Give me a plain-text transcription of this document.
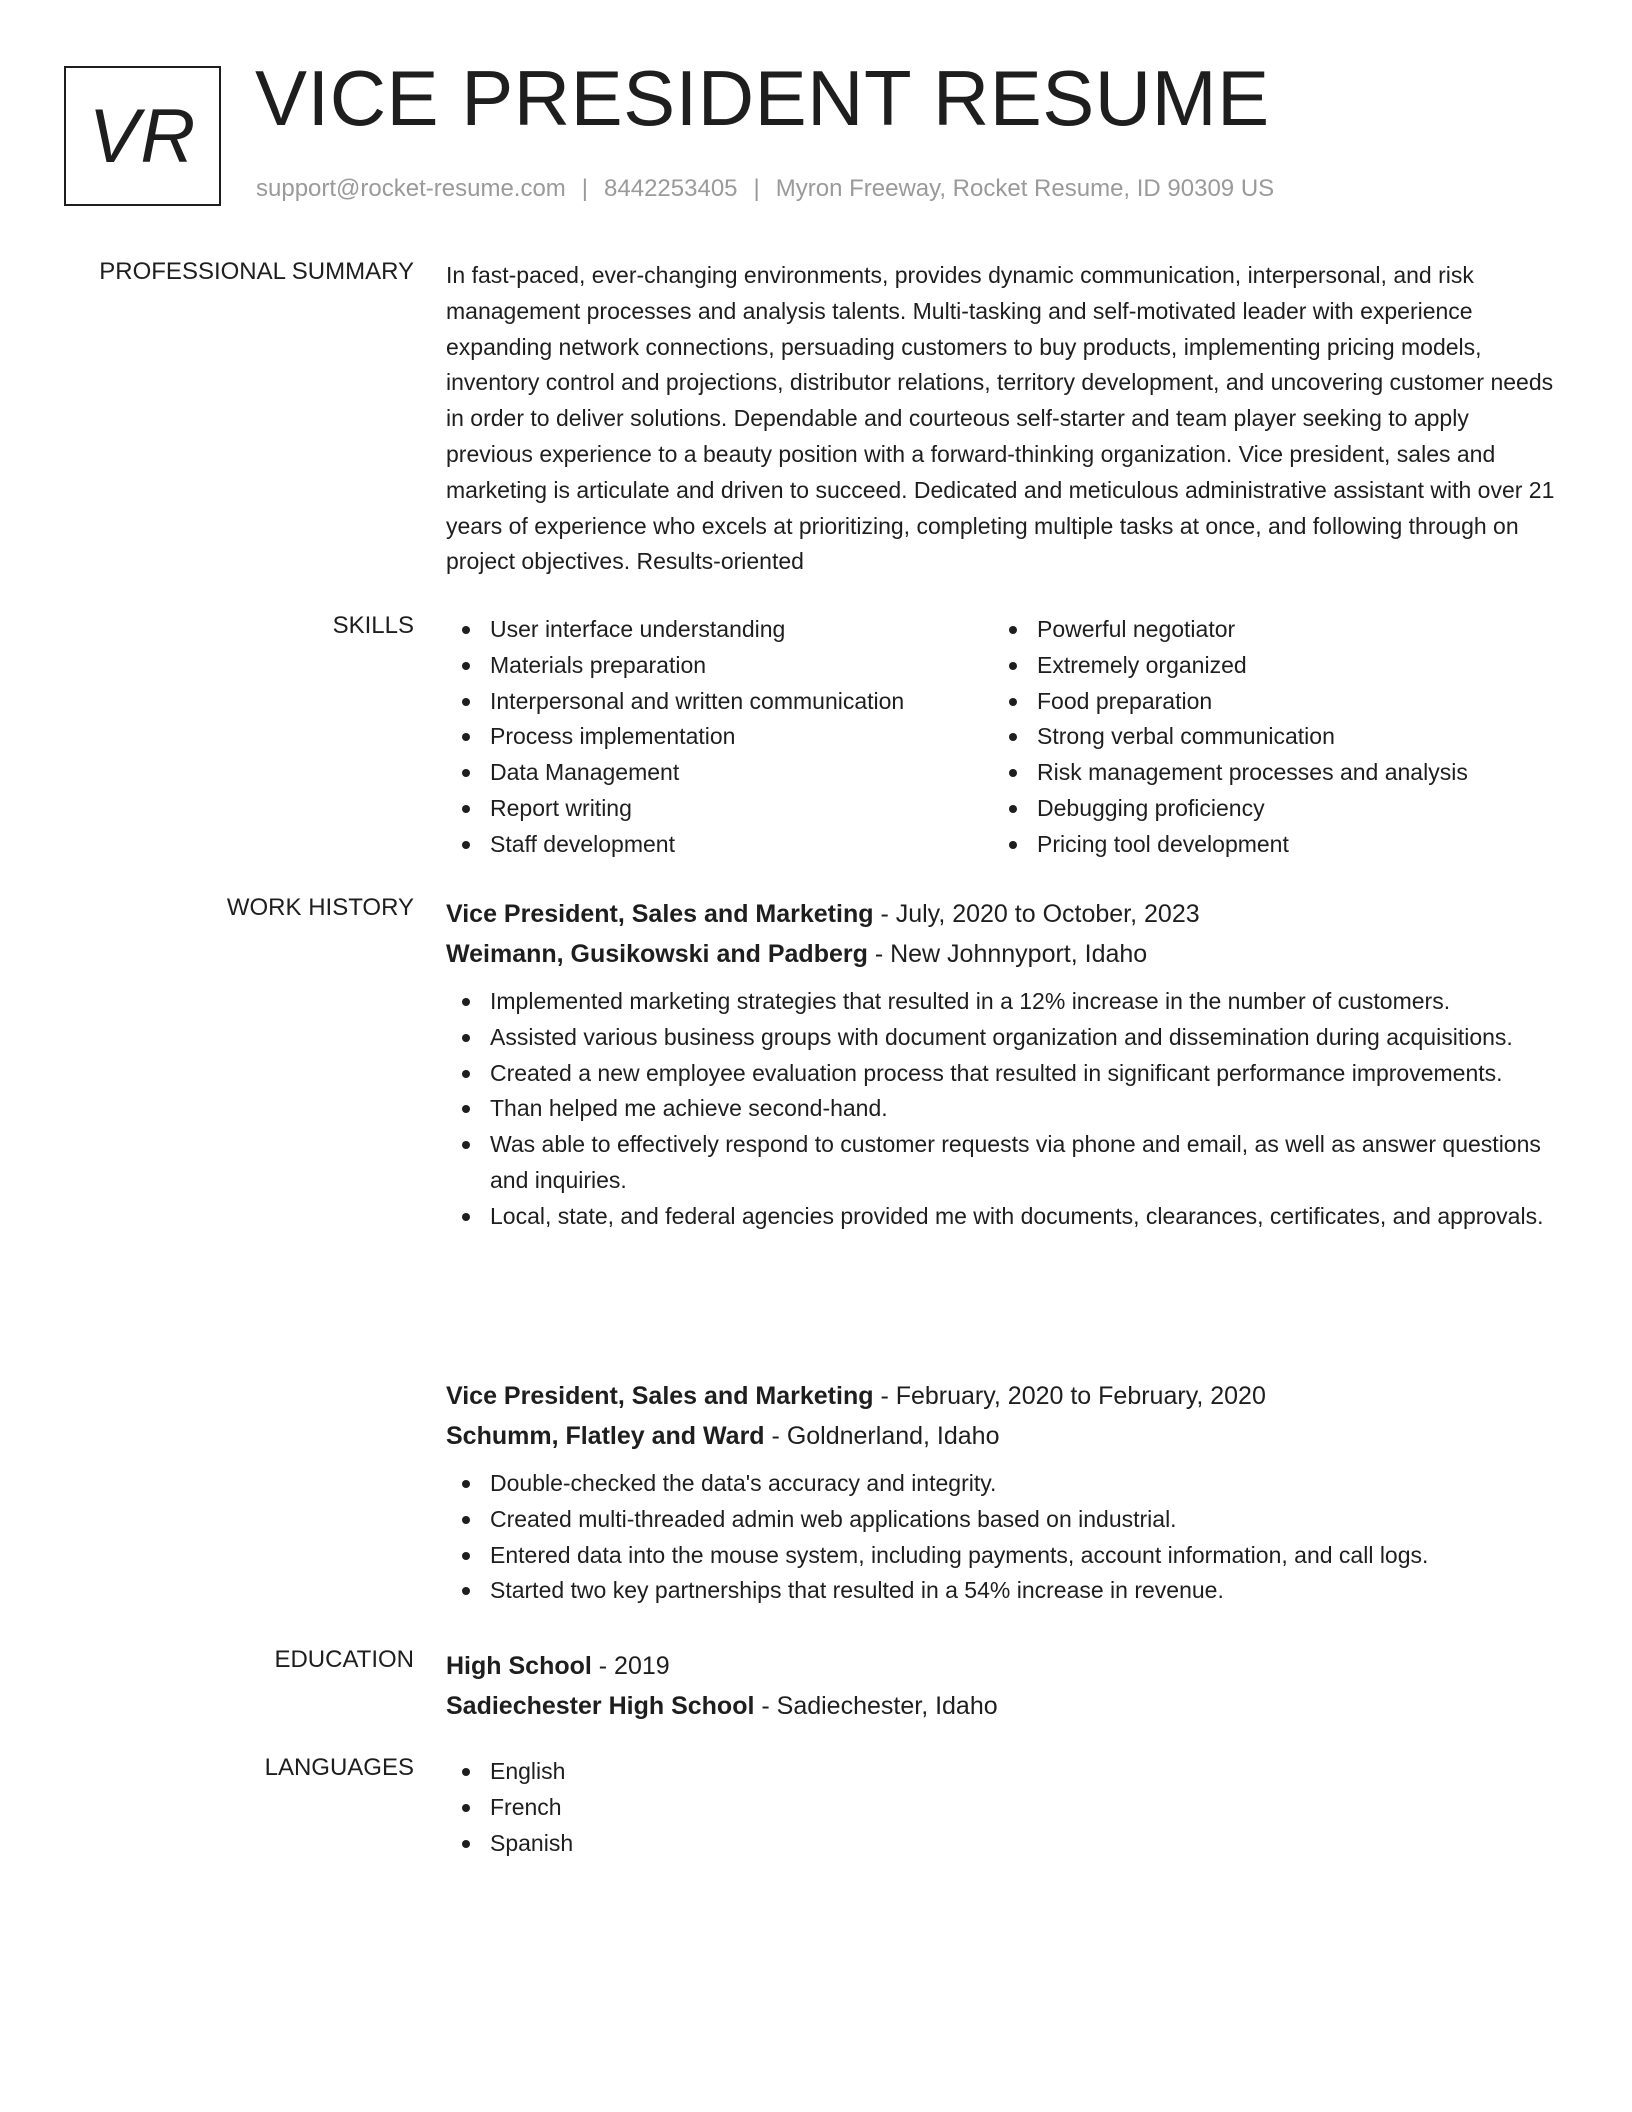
VR VICE PRESIDENT RESUME
support@rocket-resume.com | 8442253405 | Myron Freeway, Rocket Resume, ID 90309 US
PROFESSIONAL SUMMARY In fast-paced, ever-changing environments, provides dynamic communication, interpersonal, and risk management processes and analysis talents. Multi-tasking and self-motivated leader with experience expanding network connections, persuading customers to buy products, implementing pricing models, inventory control and projections, distributor relations, territory development, and uncovering customer needs in order to deliver solutions. Dependable and courteous self-starter and team player seeking to apply previous experience to a beauty position with a forward-thinking organization. Vice president, sales and marketing is articulate and driven to succeed. Dedicated and meticulous administrative assistant with over 21 years of experience who excels at prioritizing, completing multiple tasks at once, and following through on project objectives. Results-oriented

SKILLS	User interface understanding
Materials preparation
Interpersonal and written communication
Process implementation
Data Management
Report writing
Staff development
Powerful negotiator
Extremely organized
Food preparation
Strong verbal communication
Risk management processes and analysis
Debugging proficiency
Pricing tool development
WORK HISTORY Vice President, Sales and Marketing - July, 2020 to October, 2023
Weimann, Gusikowski and Padberg - New Johnnyport, Idaho
Implemented marketing strategies that resulted in a 12% increase in the number of customers.
Assisted various business groups with document organization and dissemination during acquisitions.
Created a new employee evaluation process that resulted in significant performance improvements.
Than helped me achieve second-hand.
Was able to effectively respond to customer requests via phone and email, as well as answer questions and inquiries.
Local, state, and federal agencies provided me with documents, clearances, certificates, and approvals.
Vice President, Sales and Marketing - February, 2020 to February, 2020
Schumm, Flatley and Ward - Goldnerland, Idaho
Double-checked the data's accuracy and integrity.
Created multi-threaded admin web applications based on industrial.
Entered data into the mouse system, including payments, account information, and call logs.
Started two key partnerships that resulted in a 54% increase in revenue.
EDUCATION High School - 2019
Sadiechester High School - Sadiechester, Idaho
LANGUAGES	English
French
Spanish
